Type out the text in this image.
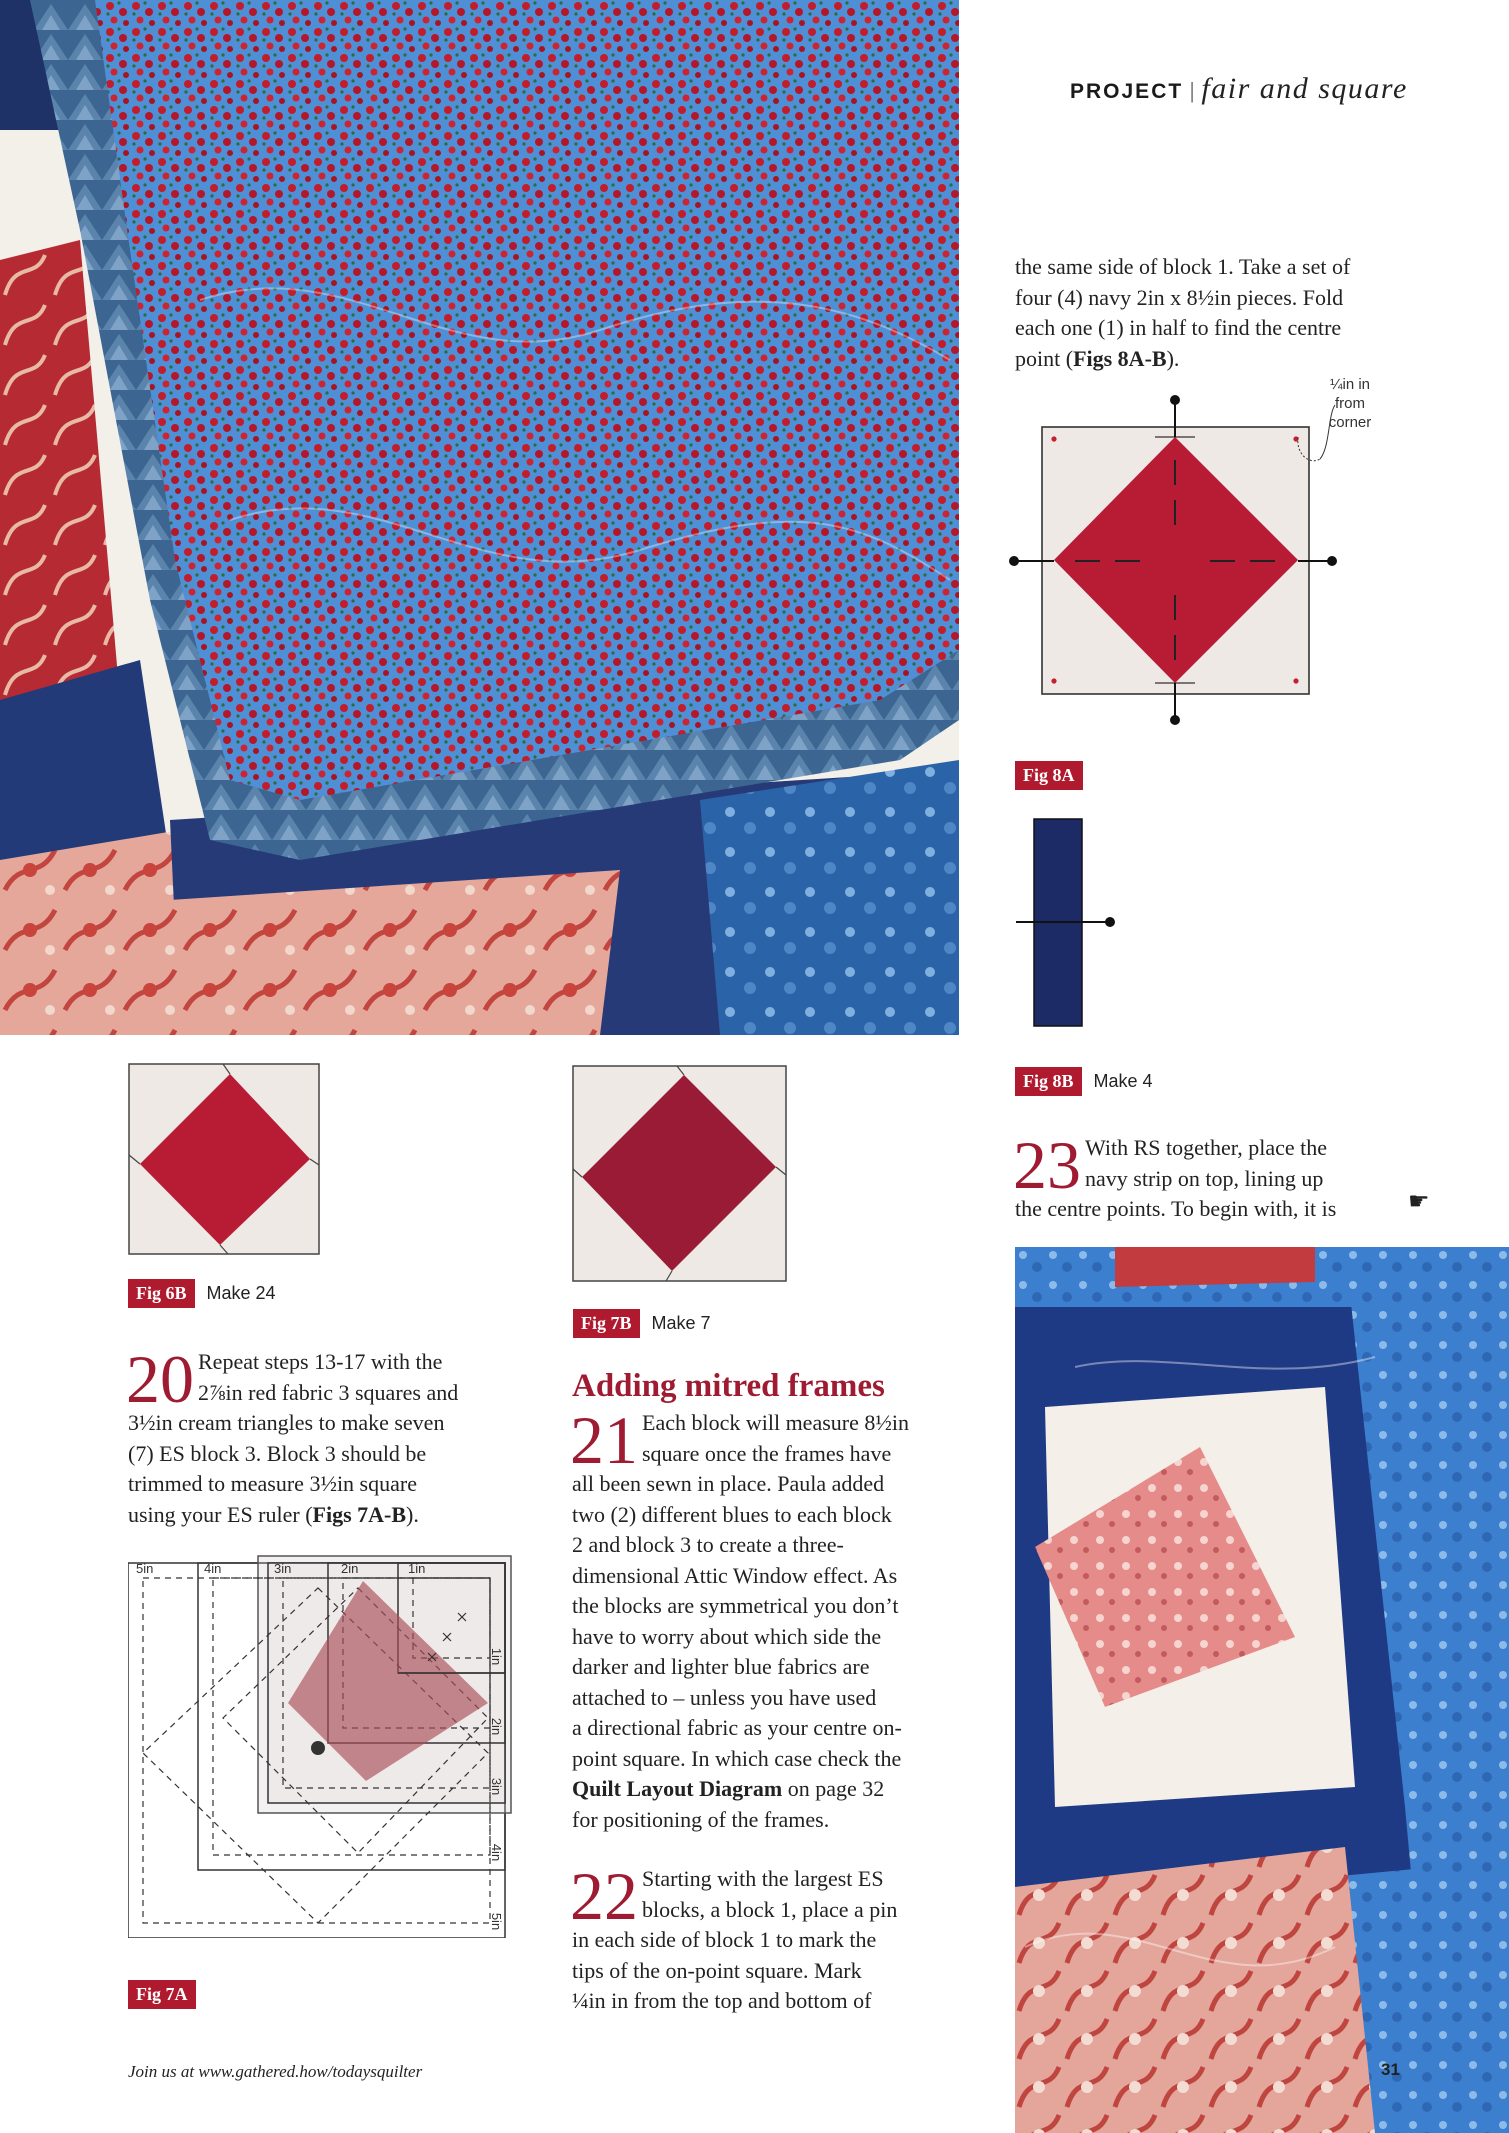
PROJECT | fair and square
the same side of block 1. Take a set of
four (4) navy 2in x 8½in pieces. Fold
each one (1) in half to find the centre
point (Figs 8A-B).
¼in in
from
corner
Fig 8A
Fig 8B	Make 4
23 With RS together, place the
navy strip on top, lining up
the centre points. To begin with, it is	☛
Fig 6B	Make 24
Fig 7B	Make 7
20 Repeat steps 13-17 with the
2⅞in red fabric 3 squares and
3½in cream triangles to make seven
(7) ES block 3. Block 3 should be
trimmed to measure 3½in square
using your ES ruler (Figs 7A-B).
5in	4in	3in	2in	1in
1in
2in
3in
4in
5in
Fig 7A
Adding mitred frames
21 Each block will measure 8½in
square once the frames have
all been sewn in place. Paula added
two (2) different blues to each block
2 and block 3 to create a three-
dimensional Attic Window effect. As
the blocks are symmetrical you don’t
have to worry about which side the
darker and lighter blue fabrics are
attached to – unless you have used
a directional fabric as your centre on-
point square. In which case check the
Quilt Layout Diagram on page 32
for positioning of the frames.
22 Starting with the largest ES
blocks, a block 1, place a pin
in each side of block 1 to mark the
tips of the on-point square. Mark
¼in in from the top and bottom of
Join us at www.gathered.how/todaysquilter	31
